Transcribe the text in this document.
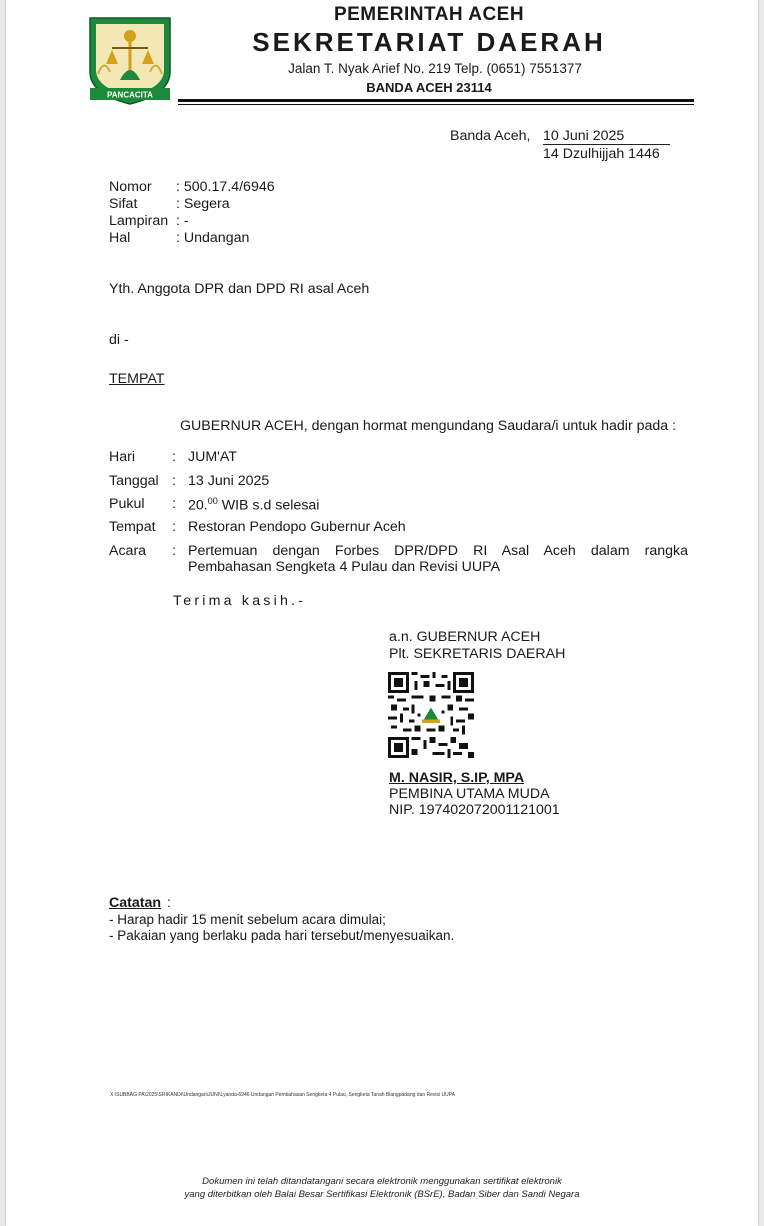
PANCACITA
PEMERINTAH ACEH
SEKRETARIAT DAERAH
Jalan T. Nyak Arief No. 219 Telp. (0651) 7551377
BANDA ACEH 23114
Banda Aceh, 10 Juni 2025
14 Dzulhijjah 1446
Nomor : 500.17.4/6946
Sifat	: Segera
Lampiran : -
Hal	: Undangan
Yth. Anggota DPR dan DPD RI asal Aceh
di -
TEMPAT
GUBERNUR ACEH, dengan hormat mengundang Saudara/i untuk hadir pada :
Hari	: JUM'AT
Tanggal : 13 Juni 2025
Pukul : 20.00 WIB s.d selesai
Tempat : Restoran Pendopo Gubernur Aceh
Acara : Pertemuan dengan Forbes DPR/DPD RI Asal Aceh dalam rangka
Pembahasan Sengketa 4 Pulau dan Revisi UUPA
Terima kasih.-
a.n. GUBERNUR ACEH
Plt. SEKRETARIS DAERAH
M. NASIR, S.IP, MPA
PEMBINA UTAMA MUDA
NIP. 197402072001121001
Catatan :
- Harap hadir 15 menit sebelum acara dimulai;
- Pakaian yang berlaku pada hari tersebut/menyesuaikan.
X:\SUBBAG PA\2025\SRIKANDI\Undangan\JUNI\Lyanda-6946 Undangan Pembahasan Sengketa 4 Pulau, Sengketa Tanah Blangpadang dan Revisi UUPA
Dokumen ini telah ditandatangani secara elektronik menggunakan sertifikat elektronik
yang diterbitkan oleh Balai Besar Sertifikasi Elektronik (BSrE), Badan Siber dan Sandi Negara
